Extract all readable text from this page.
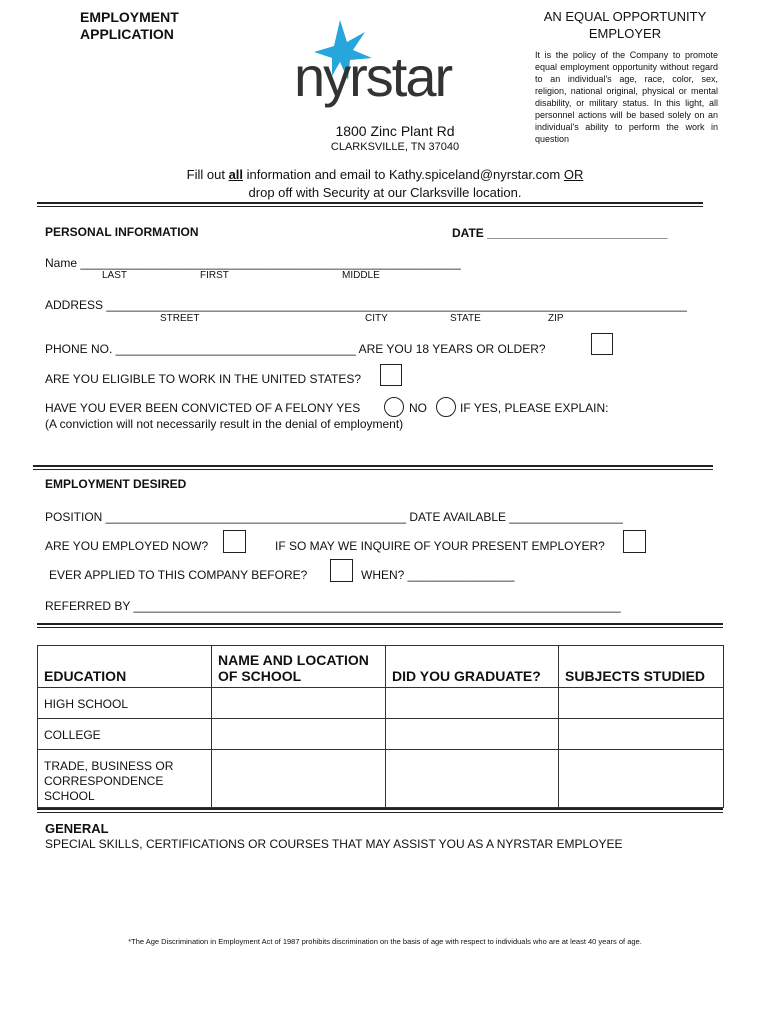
EMPLOYMENT
APPLICATION
AN EQUAL OPPORTUNITY
EMPLOYER
It is the policy of the Company to promote equal employment opportunity without regard to an individual's age, race, color, sex, religion, national original, physical or mental disability, or military status. In this light, all personnel actions will be based solely on an individual's ability to perform the work in question
nyrstar
1800 Zinc Plant Rd
CLARKSVILLE, TN 37040
Fill out all information and email to Kathy.spiceland@nyrstar.com OR
drop off with Security at our Clarksville location.
PERSONAL INFORMATION	DATE ___________________________
Name _________________________________________________________
LAST	FIRST	MIDDLE
ADDRESS _______________________________________________________________________________________
STREET	CITY	STATE	ZIP
PHONE NO. ____________________________________ ARE YOU 18 YEARS OR OLDER?
ARE YOU ELIGIBLE TO WORK IN THE UNITED STATES?
HAVE YOU EVER BEEN CONVICTED OF A FELONY YES	NO	IF YES, PLEASE EXPLAIN:
(A conviction will not necessarily result in the denial of employment)
EMPLOYMENT DESIRED
POSITION _____________________________________________ DATE AVAILABLE _________________
ARE YOU EMPLOYED NOW?	IF SO MAY WE INQUIRE OF YOUR PRESENT EMPLOYER?
EVER APPLIED TO THIS COMPANY BEFORE?	WHEN? ________________
REFERRED BY _________________________________________________________________________
EDUCATION	NAME AND LOCATION OF SCHOOL	DID YOU GRADUATE?	SUBJECTS STUDIED
HIGH SCHOOL			
COLLEGE			
TRADE, BUSINESS OR CORRESPONDENCE SCHOOL			
GENERAL
SPECIAL SKILLS, CERTIFICATIONS OR COURSES THAT MAY ASSIST YOU AS A NYRSTAR EMPLOYEE
*The Age Discrimination in Employment Act of 1987 prohibits discrimination on the basis of age with respect to individuals who are at least 40 years of age.
